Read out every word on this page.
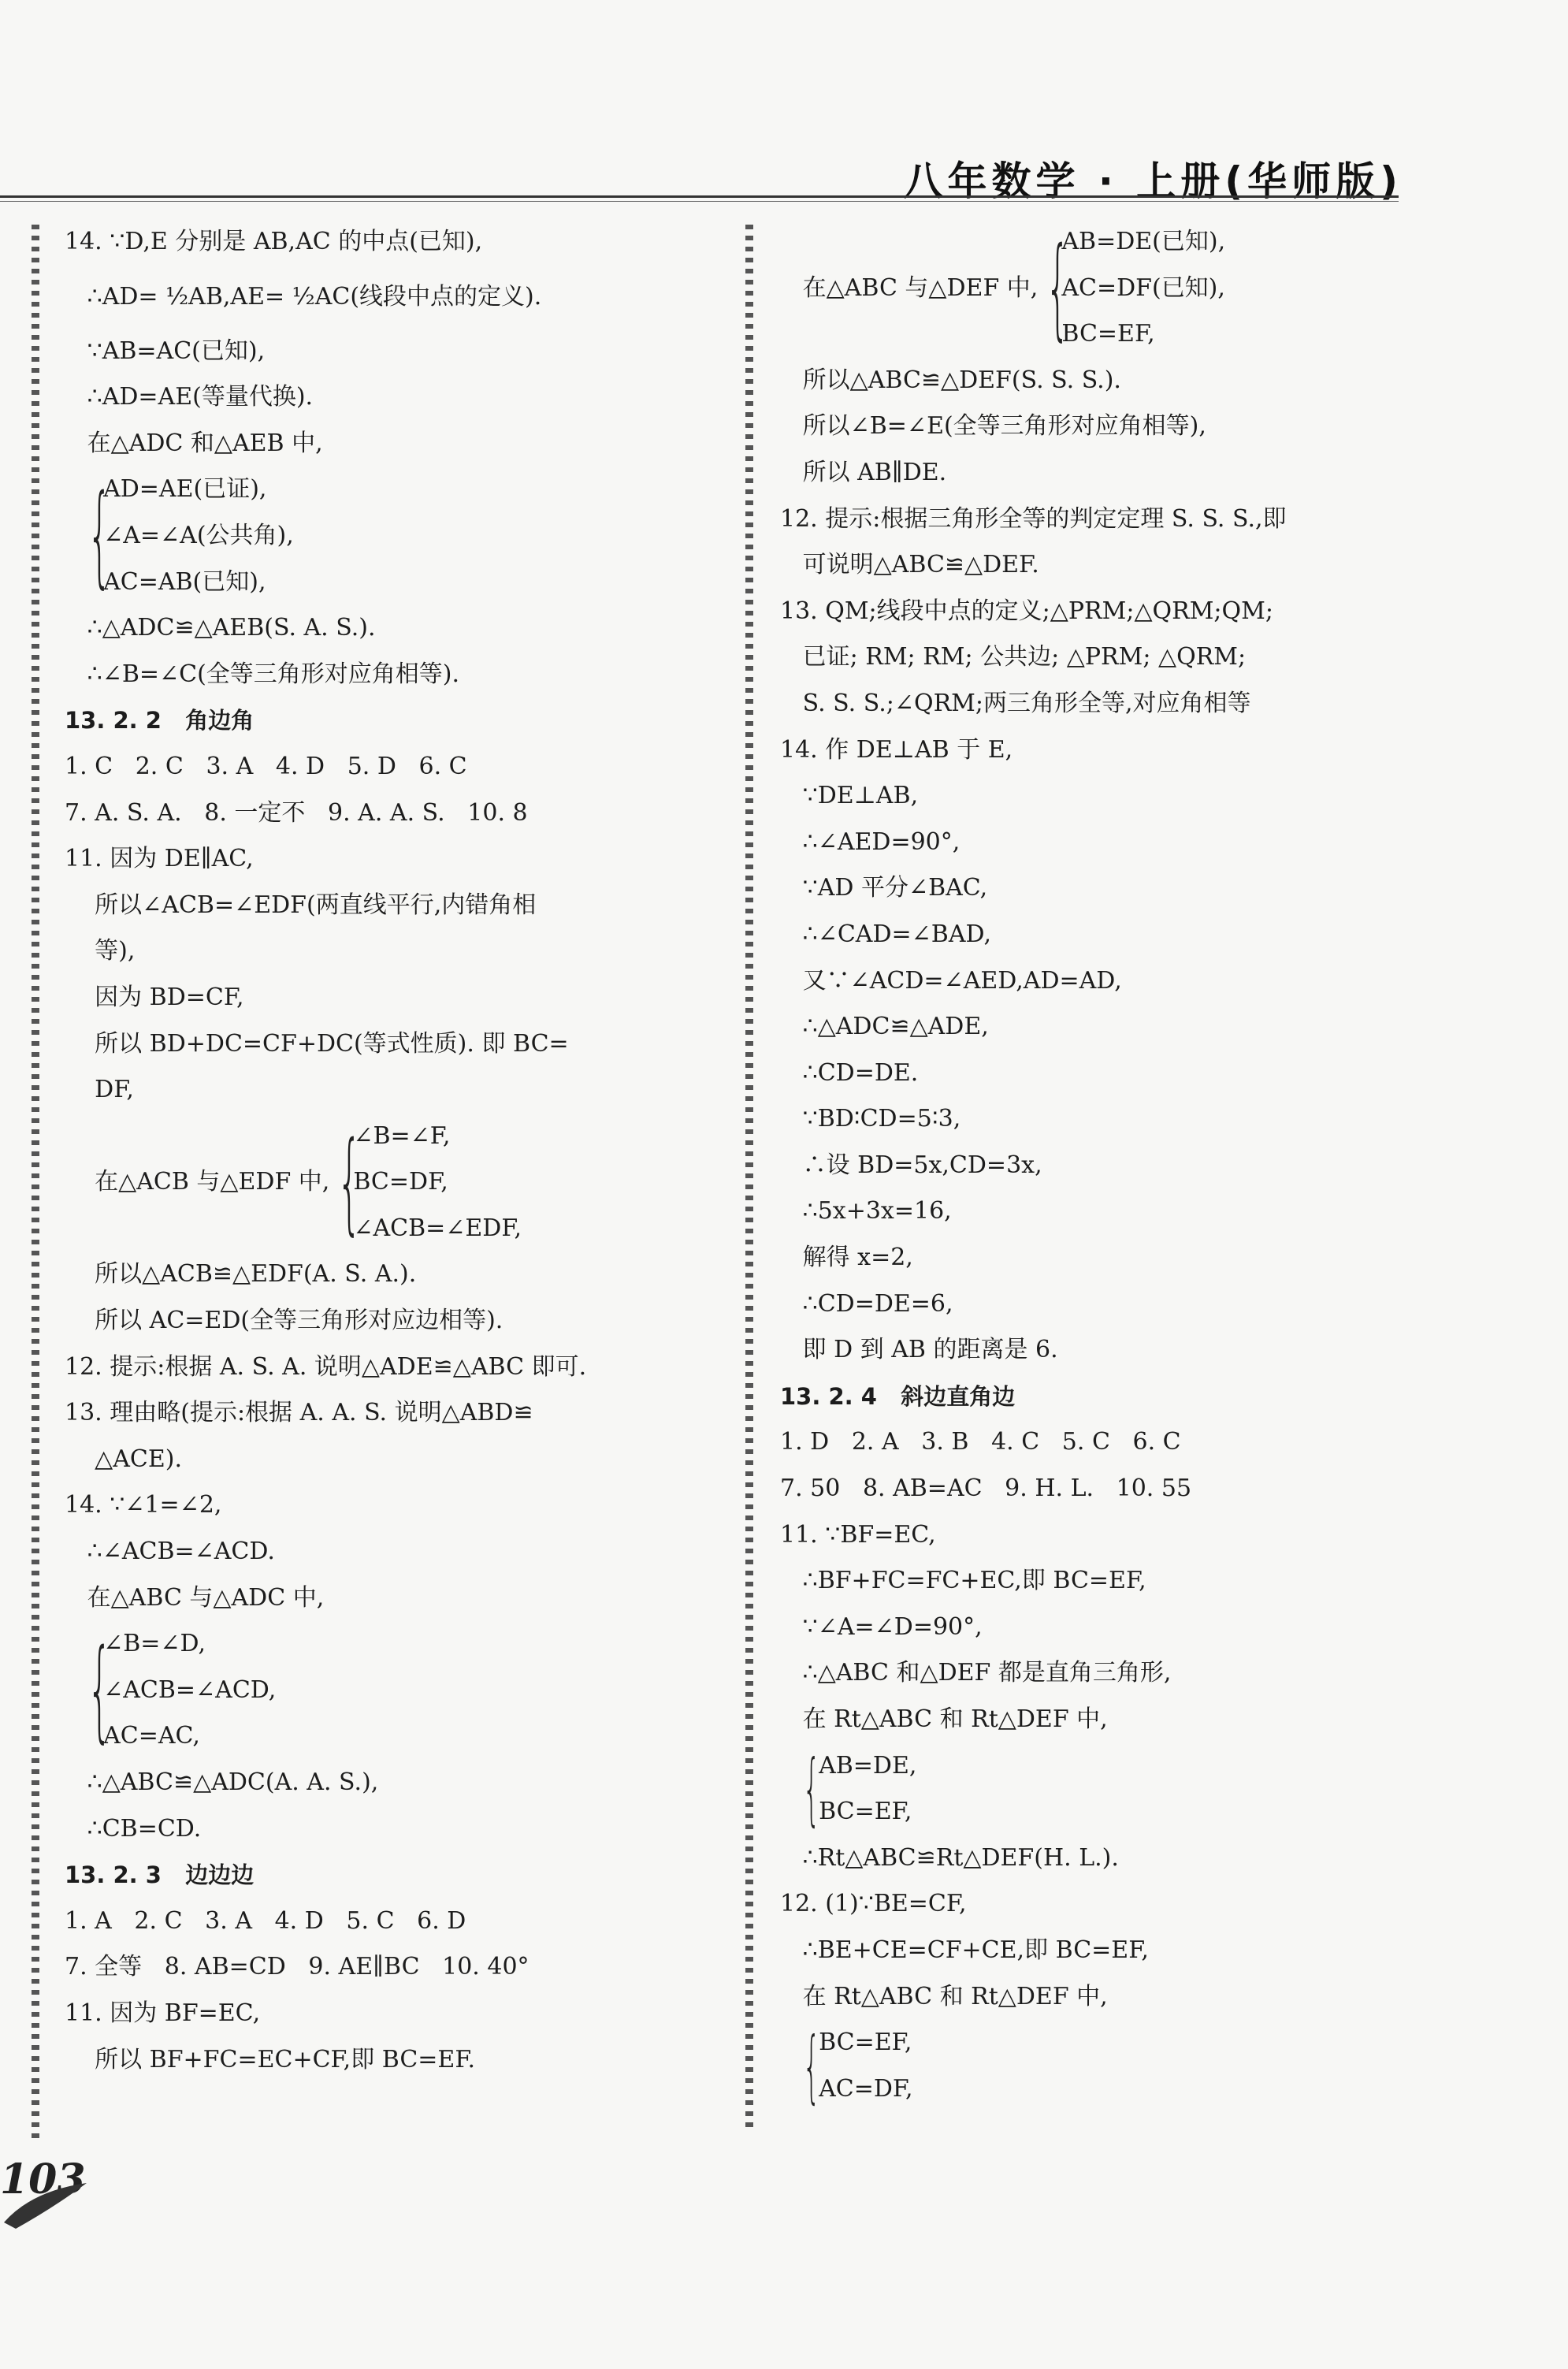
八年数学 · 上册(华师版)
14. ∵D,E 分别是 AB,AC 的中点(已知),
∴AD= ½AB,AE= ½AC(线段中点的定义).
∵AB=AC(已知),
∴AD=AE(等量代换).
在△ADC 和△AEB 中,

{
AD=AE(已证),
∠A=∠A(公共角),
AC=AB(已知),
∴△ADC≌△AEB(S. A. S.).
∴∠B=∠C(全等三角形对应角相等).
13. 2. 2   角边角
1. C   2. C   3. A   4. D   5. D   6. C
7. A. S. A.   8. 一定不   9. A. A. S.   10. 8
11. 因为 DE∥AC,
所以∠ACB=∠EDF(两直线平行,内错角相
等),
因为 BD=CF,
所以 BD+DC=CF+DC(等式性质). 即 BC=
DF,
在△ACB 与△EDF 中, {
∠B=∠F,
BC=DF,
∠ACB=∠EDF,
所以△ACB≌△EDF(A. S. A.).
所以 AC=ED(全等三角形对应边相等).
12. 提示:根据 A. S. A. 说明△ADE≌△ABC 即可.
13. 理由略(提示:根据 A. A. S. 说明△ABD≌
△ACE).
14. ∵∠1=∠2,
∴∠ACB=∠ACD.
在△ABC 与△ADC 中,

{
∠B=∠D,
∠ACB=∠ACD,
AC=AC,
∴△ABC≌△ADC(A. A. S.),
∴CB=CD.
13. 2. 3   边边边
1. A   2. C   3. A   4. D   5. C   6. D
7. 全等   8. AB=CD   9. AE∥BC   10. 40°
11. 因为 BF=EC,
所以 BF+FC=EC+CF,即 BC=EF.
在△ABC 与△DEF 中, {
AB=DE(已知),
AC=DF(已知),
BC=EF,
所以△ABC≌△DEF(S. S. S.).
所以∠B=∠E(全等三角形对应角相等),
所以 AB∥DE.
12. 提示:根据三角形全等的判定定理 S. S. S.,即
可说明△ABC≌△DEF.
13. QM;线段中点的定义;△PRM;△QRM;QM;
已证; RM; RM; 公共边; △PRM; △QRM;
S. S. S.;∠QRM;两三角形全等,对应角相等
14. 作 DE⊥AB 于 E,
∵DE⊥AB,
∴∠AED=90°,
∵AD 平分∠BAC,
∴∠CAD=∠BAD,
又∵∠ACD=∠AED,AD=AD,
∴△ADC≌△ADE,
∴CD=DE.
∵BD∶CD=5∶3,
∴设 BD=5x,CD=3x,
∴5x+3x=16,
解得 x=2,
∴CD=DE=6,
即 D 到 AB 的距离是 6.
13. 2. 4   斜边直角边
1. D   2. A   3. B   4. C   5. C   6. C
7. 50   8. AB=AC   9. H. L.   10. 55
11. ∵BF=EC,
∴BF+FC=FC+EC,即 BC=EF,
∵∠A=∠D=90°,
∴△ABC 和△DEF 都是直角三角形,
在 Rt△ABC 和 Rt△DEF 中,

{
AB=DE,
BC=EF,
∴Rt△ABC≌Rt△DEF(H. L.).
12. (1)∵BE=CF,
∴BE+CE=CF+CE,即 BC=EF,
在 Rt△ABC 和 Rt△DEF 中,

{
BC=EF,
AC=DF,
103
